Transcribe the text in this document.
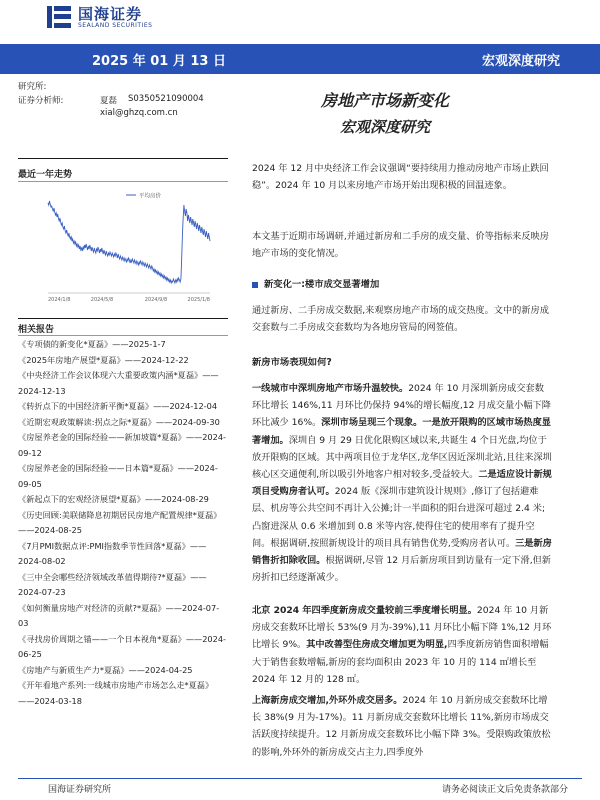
国海证券
SEALAND SECURITIES
2025 年 01 月 13 日	宏观深度研究
研究所:
证券分析师:	夏磊 S0350521090004
xial@ghzq.com.cn
房地产市场新变化
宏观深度研究
最近一年走势
平均房价
2024/1/8	2024/5/8	2024/9/8	2025/1/8
相关报告
《专项债的新变化*夏磊》——2025-1-7
《2025年房地产展望*夏磊》——2024-12-22
《中央经济工作会议体现六大重要政策内涵*夏磊》——2024-12-13
《转折点下的中国经济新平衡*夏磊》——2024-12-04
《近期宏观政策解读:拐点之际*夏磊》——2024-09-30
《房屋养老金的国际经验——新加坡篇*夏磊》——2024-09-12
《房屋养老金的国际经验——日本篇*夏磊》——2024-09-05
《新起点下的宏观经济展望*夏磊》——2024-08-29
《历史回顾:美联储降息初期居民房地产配置规律*夏磊》——2024-08-25
《7月PMI数据点评:PMI指数季节性回落*夏磊》——2024-08-02
《三中全会哪些经济领域改革值得期待?*夏磊》——2024-07-23
《如何衡量房地产对经济的贡献?*夏磊》——2024-07-03
《寻找房价周期之锚——一个日本视角*夏磊》——2024-06-25
《房地产与新质生产力*夏磊》——2024-04-25
《开年看地产系列:一线城市房地产市场怎么走*夏磊》——2024-03-18
2024 年 12 月中央经济工作会议强调“要持续用力推动房地产市场止跌回稳”。2024 年 10 月以来房地产市场开始出现积极的回温迹象。
本文基于近期市场调研,并通过新房和二手房的成交量、价等指标来反映房地产市场的变化情况。
新变化一:楼市成交显著增加
通过新房、二手房成交数据,来观察房地产市场的成交热度。文中的新房成交套数与二手房成交套数均为各地房管局的网签值。
新房市场表现如何?
一线城市中深圳房地产市场升温较快。2024 年 10 月深圳新房成交套数环比增长 146%,11 月环比仍保持 94%的增长幅度,12 月成交量小幅下降环比减少 16%。深圳市场呈现三个现象。一是放开限购的区域市场热度显著增加。深圳自 9 月 29 日优化限购区域以来,共诞生 4 个日光盘,均位于放开限购的区域。其中两项目位于龙华区,龙华区因近深圳北站,且往来深圳核心区交通便利,所以吸引外地客户相对较多,受益较大。二是适应设计新规项目受购房者认可。2024 版《深圳市建筑设计规则》,修订了包括避难层、机房等公共空间不再计入公摊;计一半面积的阳台进深可超过 2.4 米;凸窗进深从 0.6 米增加到 0.8 米等内容,使得住宅的使用率有了提升空间。根据调研,按照新规设计的项目具有销售优势,受购房者认可。三是新房销售折扣除收回。根据调研,尽管 12 月后新房项目到访量有一定下滑,但新房折扣已经逐渐减少。
北京 2024 年四季度新房成交量较前三季度增长明显。2024 年 10 月新房成交套数环比增长 53%(9 月为-39%),11 月环比小幅下降 1%,12 月环比增长 9%。其中改善型住房成交增加更为明显,四季度新房销售面积增幅大于销售套数增幅,新房的套均面积由 2023 年 10 月的 114 ㎡增长至 2024 年 12 月的 128 ㎡。
上海新房成交增加,外环外成交居多。2024 年 10 月新房成交套数环比增长 38%(9 月为-17%)。11 月新房成交套数环比增长 11%,新房市场成交活跃度持续提升。12 月新房成交套数环比小幅下降 3%。受限购政策放松的影响,外环外的新房成交占主力,四季度外
国海证券研究所	请务必阅读正文后免责条款部分
